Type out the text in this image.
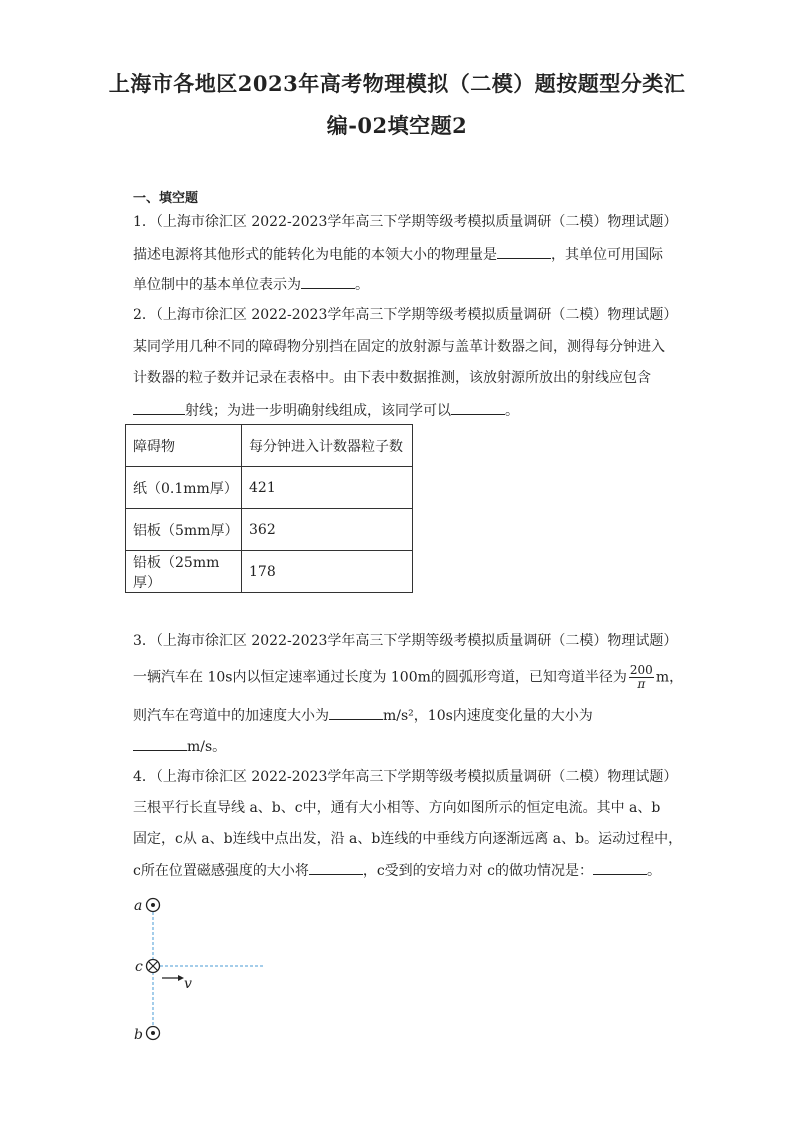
上海市各地区2023年高考物理模拟（二模）题按题型分类汇
编-02填空题2
一、填空题
1．（上海市徐汇区 2022-2023学年高三下学期等级考模拟质量调研（二模）物理试题）
描述电源将其他形式的能转化为电能的本领大小的物理量是	，其单位可用国际
单位制中的基本单位表示为	。
2．（上海市徐汇区 2022-2023学年高三下学期等级考模拟质量调研（二模）物理试题）
某同学用几种不同的障碍物分别挡在固定的放射源与盖革计数器之间，测得每分钟进入
计数器的粒子数并记录在表格中。由下表中数据推测，该放射源所放出的射线应包含
射线；为进一步明确射线组成，该同学可以	。
障碍物	每分钟进入计数器粒子数
纸（0.1mm厚）	421
铝板（5mm厚）	362
铅板（25mm厚）	178
3．（上海市徐汇区 2022-2023学年高三下学期等级考模拟质量调研（二模）物理试题）
一辆汽车在 10s内以恒定速率通过长度为 100m的圆弧形弯道，已知弯道半径为 $\frac{200}{\pi}$ m，
则汽车在弯道中的加速度大小为	m/s²，10s内速度变化量的大小为
m/s。
4．（上海市徐汇区 2022-2023学年高三下学期等级考模拟质量调研（二模）物理试题）
三根平行长直导线 a、b、c中，通有大小相等、方向如图所示的恒定电流。其中 a、b
固定，c从 a、b连线中点出发，沿 a、b连线的中垂线方向逐渐远离 a、b。运动过程中，
c所在位置磁感强度的大小将	，c受到的安培力对 c的做功情况是：	。
a
c
v
b
